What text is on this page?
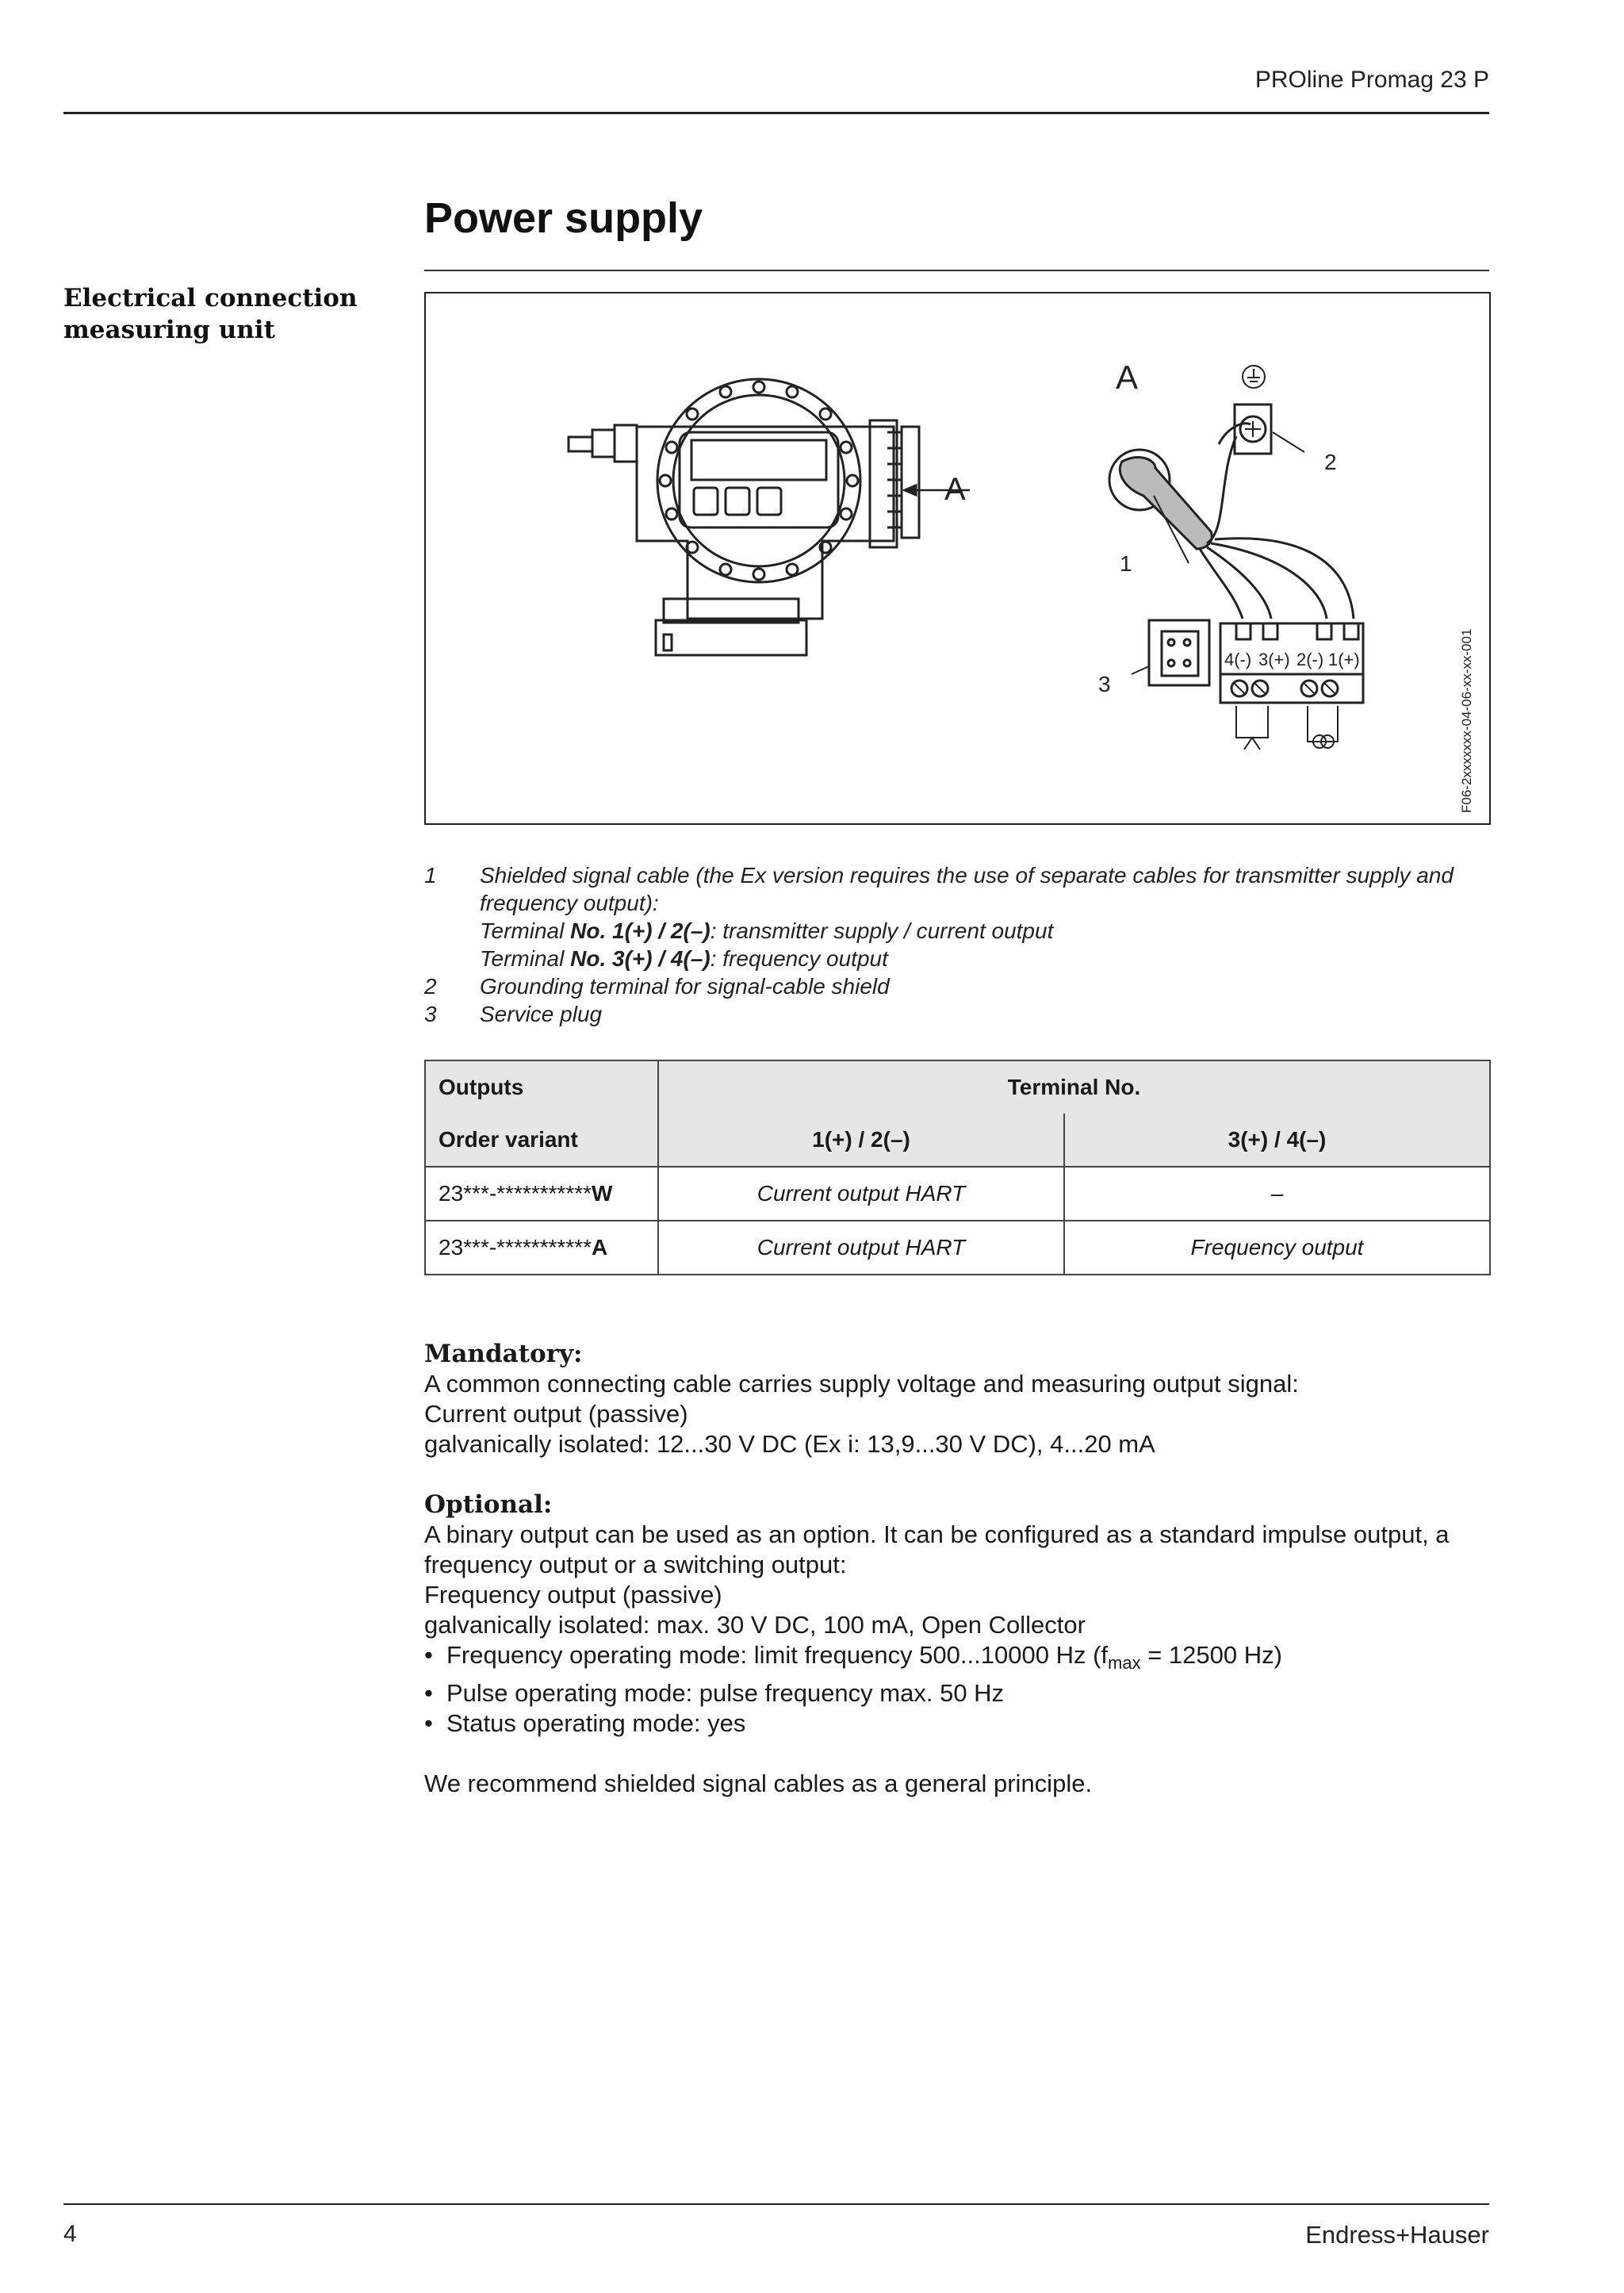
PROline Promag 23 P
Power supply
Electrical connection
measuring unit
A
A
1
2
3
4(-) 3(+) 2(-) 1(+)	F06-2xxxxxxx-04-06-xx-xx-001
1	Shielded signal cable (the Ex version requires the use of separate cables for transmitter supply and
frequency output):
Terminal No. 1(+) / 2(–): transmitter supply / current output
Terminal No. 3(+) / 4(–): frequency output
2	Grounding terminal for signal-cable shield
3	Service plug
Outputs	Terminal No.	
Order variant	1(+) / 2(–)	3(+) / 4(–)
23***-***********W	Current output HART	–
23***-***********A	Current output HART	Frequency output
Mandatory:
A common connecting cable carries supply voltage and measuring output signal:
Current output (passive)
galvanically isolated: 12...30 V DC (Ex i: 13,9...30 V DC), 4...20 mA
Optional:
A binary output can be used as an option. It can be configured as a standard impulse output, a
frequency output or a switching output:
Frequency output (passive)
galvanically isolated: max. 30 V DC, 100 mA, Open Collector
• Frequency operating mode: limit frequency 500...10000 Hz ($f_{max} = 12500$ Hz)
• Pulse operating mode: pulse frequency max. 50 Hz
• Status operating mode: yes
We recommend shielded signal cables as a general principle.
4	Endress+Hauser
